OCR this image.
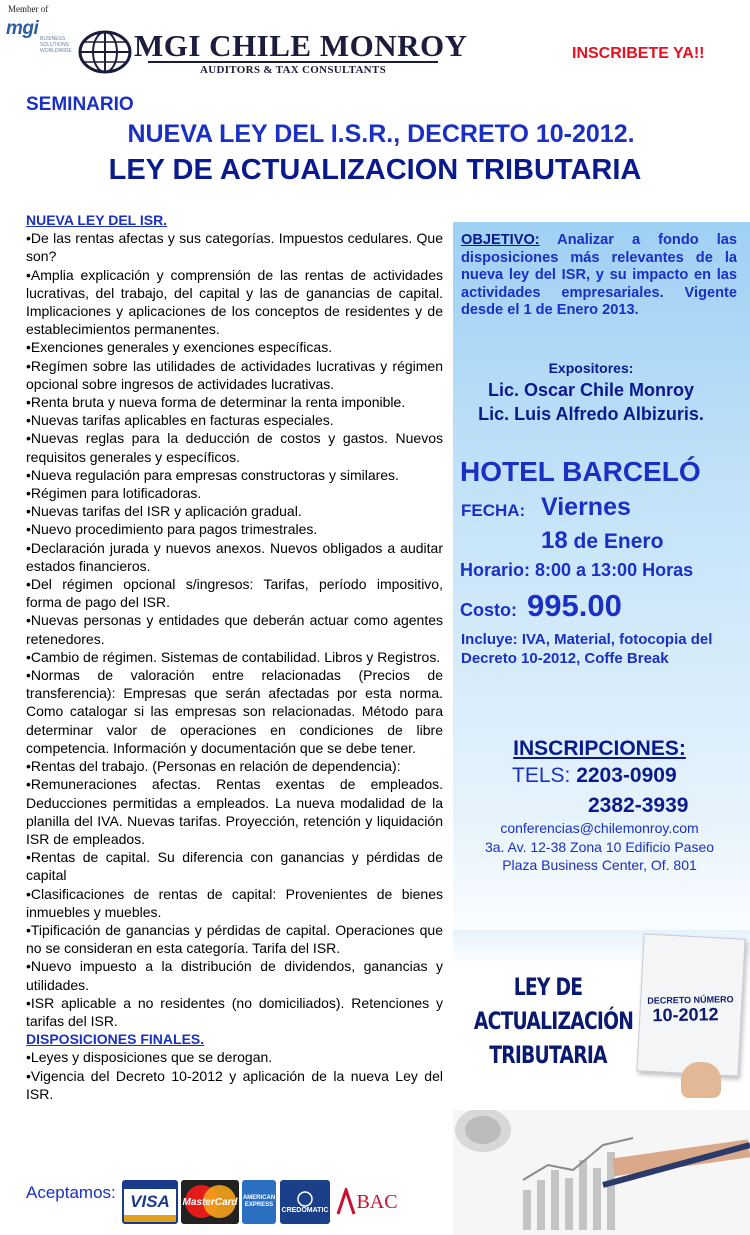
Member of
mgi BUSINESS SOLUTIONS WORLDWIDE MGI CHILE MONROY
AUDITORS & TAX CONSULTANTS
INSCRIBETE YA!!
SEMINARIO
NUEVA LEY DEL I.S.R., DECRETO 10-2012.
LEY DE ACTUALIZACION TRIBUTARIA

NUEVA LEY DEL ISR.

•De las rentas afectas y sus categorías. Impuestos cedulares. Que son?

•Amplia explicación y comprensión de las rentas de actividades lucrativas, del trabajo, del capital y las de ganancias de capital. Implicaciones y aplicaciones de los conceptos de residentes y de establecimientos permanentes.

•Exenciones generales y exenciones específicas.

•Regímen sobre las utilidades de actividades lucrativas y régimen opcional sobre ingresos de actividades lucrativas.

•Renta bruta y nueva forma de determinar la renta imponible.

•Nuevas tarifas aplicables en facturas especiales.

•Nuevas reglas para la deducción de costos y gastos. Nuevos requisitos generales y específicos.

•Nueva regulación para empresas constructoras y similares.

•Régimen para lotificadoras.

•Nuevas tarifas del ISR y aplicación gradual.

•Nuevo procedimiento para pagos trimestrales.

•Declaración jurada y nuevos anexos. Nuevos obligados a auditar estados financieros.

•Del régimen opcional s/ingresos: Tarifas, período impositivo, forma de pago del ISR.

•Nuevas personas y entidades que deberán actuar como agentes retenedores.

•Cambio de régimen. Sistemas de contabilidad. Libros y Registros.

•Normas de valoración entre relacionadas (Precios de transferencia): Empresas que serán afectadas por esta norma. Como catalogar si las empresas son relacionadas. Método para determinar valor de operaciones en condiciones de libre competencia. Información y documentación que se debe tener.

•Rentas del trabajo. (Personas en relación de dependencia):

•Remuneraciones afectas. Rentas exentas de empleados. Deducciones permitidas a empleados. La nueva modalidad de la planilla del IVA. Nuevas tarifas. Proyección, retención y liquidación ISR de empleados.

•Rentas de capital. Su diferencia con ganancias y pérdidas de capital

•Clasificaciones de rentas de capital: Provenientes de bienes inmuebles y muebles.

•Tipificación de ganancias y pérdidas de capital. Operaciones que no se consideran en esta categoría. Tarifa del ISR.

•Nuevo impuesto a la distribución de dividendos, ganancias y utilidades.

•ISR aplicable a no residentes (no domiciliados). Retenciones y tarifas del ISR.

DISPOSICIONES FINALES.

•Leyes y disposiciones que se derogan.

•Vigencia del Decreto 10-2012 y aplicación de la nueva Ley del ISR.

OBJETIVO: Analizar a fondo las disposiciones más relevantes de la nueva ley del ISR, y su impacto en las actividades empresariales. Vigente desde el 1 de Enero 2013.
Expositores:
Lic. Oscar Chile Monroy
Lic. Luis Alfredo Albizuris.
HOTEL BARCELÓ
FECHA: Viernes
18 de Enero
Horario: 8:00 a 13:00 Horas
Costo: 995.00
Incluye: IVA, Material, fotocopia del Decreto 10-2012, Coffe Break
INSCRIPCIONES:
TELS: 2203-0909
2382-3939
conferencias@chilemonroy.com
3a. Av. 12-38 Zona 10 Edificio Paseo
Plaza Business Center, Of. 801
LEY DE
ACTUALIZACIÓN
TRIBUTARIA
DECRETO NÚMERO
10-2012
Aceptamos: VISA MasterCard AMERICAN EXPRESS
CREDOMATIC BAC
